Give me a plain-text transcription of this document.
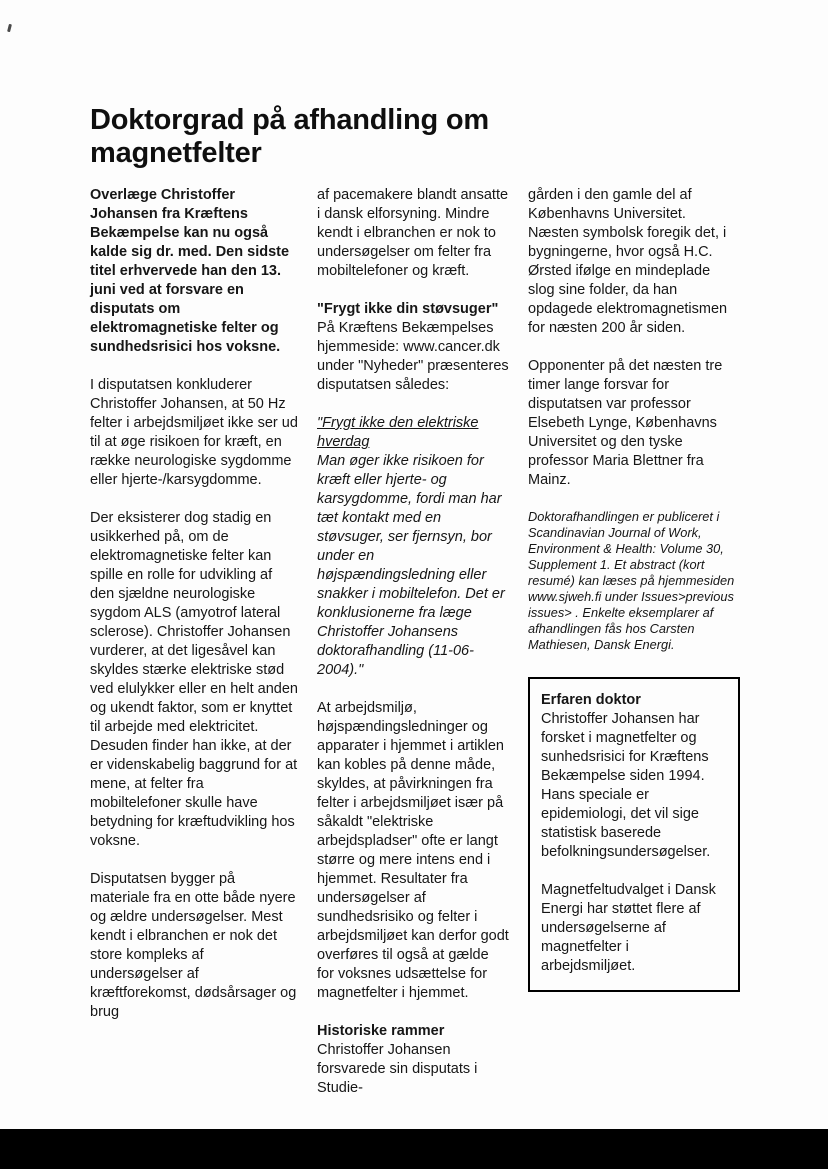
Doktorgrad på afhandling om
magnetfelter

Overlæge Christoffer Johansen fra Kræftens Bekæmpelse kan nu også kalde sig dr. med. Den sidste titel erhvervede han den 13. juni ved at forsvare en disputats om elektromagnetiske felter og sundhedsrisici hos voksne.

I disputatsen konkluderer Christoffer Johansen, at 50 Hz felter i arbejdsmiljøet ikke ser ud til at øge risikoen for kræft, en række neurologiske sygdomme eller hjerte-/karsygdomme.

Der eksisterer dog stadig en usikkerhed på, om de elektromagnetiske felter kan spille en rolle for udvikling af den sjældne neurologiske sygdom ALS (amyotrof lateral sclerose). Christoffer Johansen vurderer, at det ligesåvel kan skyldes stærke elektriske stød ved elulykker eller en helt anden og ukendt faktor, som er knyttet til arbejde med elektricitet. Desuden finder han ikke, at der er videnskabelig baggrund for at mene, at felter fra mobiltelefoner skulle have betydning for kræftudvikling hos voksne.

Disputatsen bygger på materiale fra en otte både nyere og ældre undersøgelser. Mest kendt i elbranchen er nok det store kompleks af undersøgelser af kræftforekomst, dødsårsager og brug

af pacemakere blandt ansatte i dansk elforsyning. Mindre kendt i elbranchen er nok to undersøgelser om felter fra mobiltelefoner og kræft.

"Frygt ikke din støvsuger"

På Kræftens Bekæmpelses hjemmeside: www.cancer.dk under "Nyheder" præsenteres disputatsen således:

"Frygt ikke den elektriske hverdag

Man øger ikke risikoen for kræft eller hjerte- og karsygdomme, fordi man har tæt kontakt med en støvsuger, ser fjernsyn, bor under en højspændingsledning eller snakker i mobiltelefon. Det er konklusionerne fra læge Christoffer Johansens doktorafhandling (11-06-2004)."

At arbejdsmiljø, højspændingsledninger og apparater i hjemmet i artiklen kan kobles på denne måde, skyldes, at påvirkningen fra felter i arbejdsmiljøet især på såkaldt "elektriske arbejdspladser" ofte er langt større og mere intens end i hjemmet. Resultater fra undersøgelser af sundhedsrisiko og felter i arbejdsmiljøet kan derfor godt overføres til også at gælde for voksnes udsættelse for magnetfelter i hjemmet.

Historiske rammer

Christoffer Johansen forsvarede sin disputats i Studie-

gården i den gamle del af Københavns Universitet. Næsten symbolsk foregik det, i bygningerne, hvor også H.C. Ørsted ifølge en mindeplade slog sine folder, da han opdagede elektromagnetismen for næsten 200 år siden.

Opponenter på det næsten tre timer lange forsvar for disputatsen var professor Elsebeth Lynge, Københavns Universitet og den tyske professor Maria Blettner fra Mainz.

Doktorafhandlingen er publiceret i Scandinavian Journal of Work, Environment & Health: Volume 30, Supplement 1. Et abstract (kort resumé) kan læses på hjemmesiden www.sjweh.fi under Issues>previous issues> . Enkelte eksemplarer af afhandlingen fås hos Carsten Mathiesen, Dansk Energi.

Erfaren doktor

Christoffer Johansen har forsket i magnetfelter og sunhedsrisici for Kræftens Bekæmpelse siden 1994. Hans speciale er epidemiologi, det vil sige statistisk baserede befolkningsundersøgelser.

Magnetfeltudvalget i Dansk Energi har støttet flere af undersøgelserne af magnetfelter i arbejdsmiljøet.
